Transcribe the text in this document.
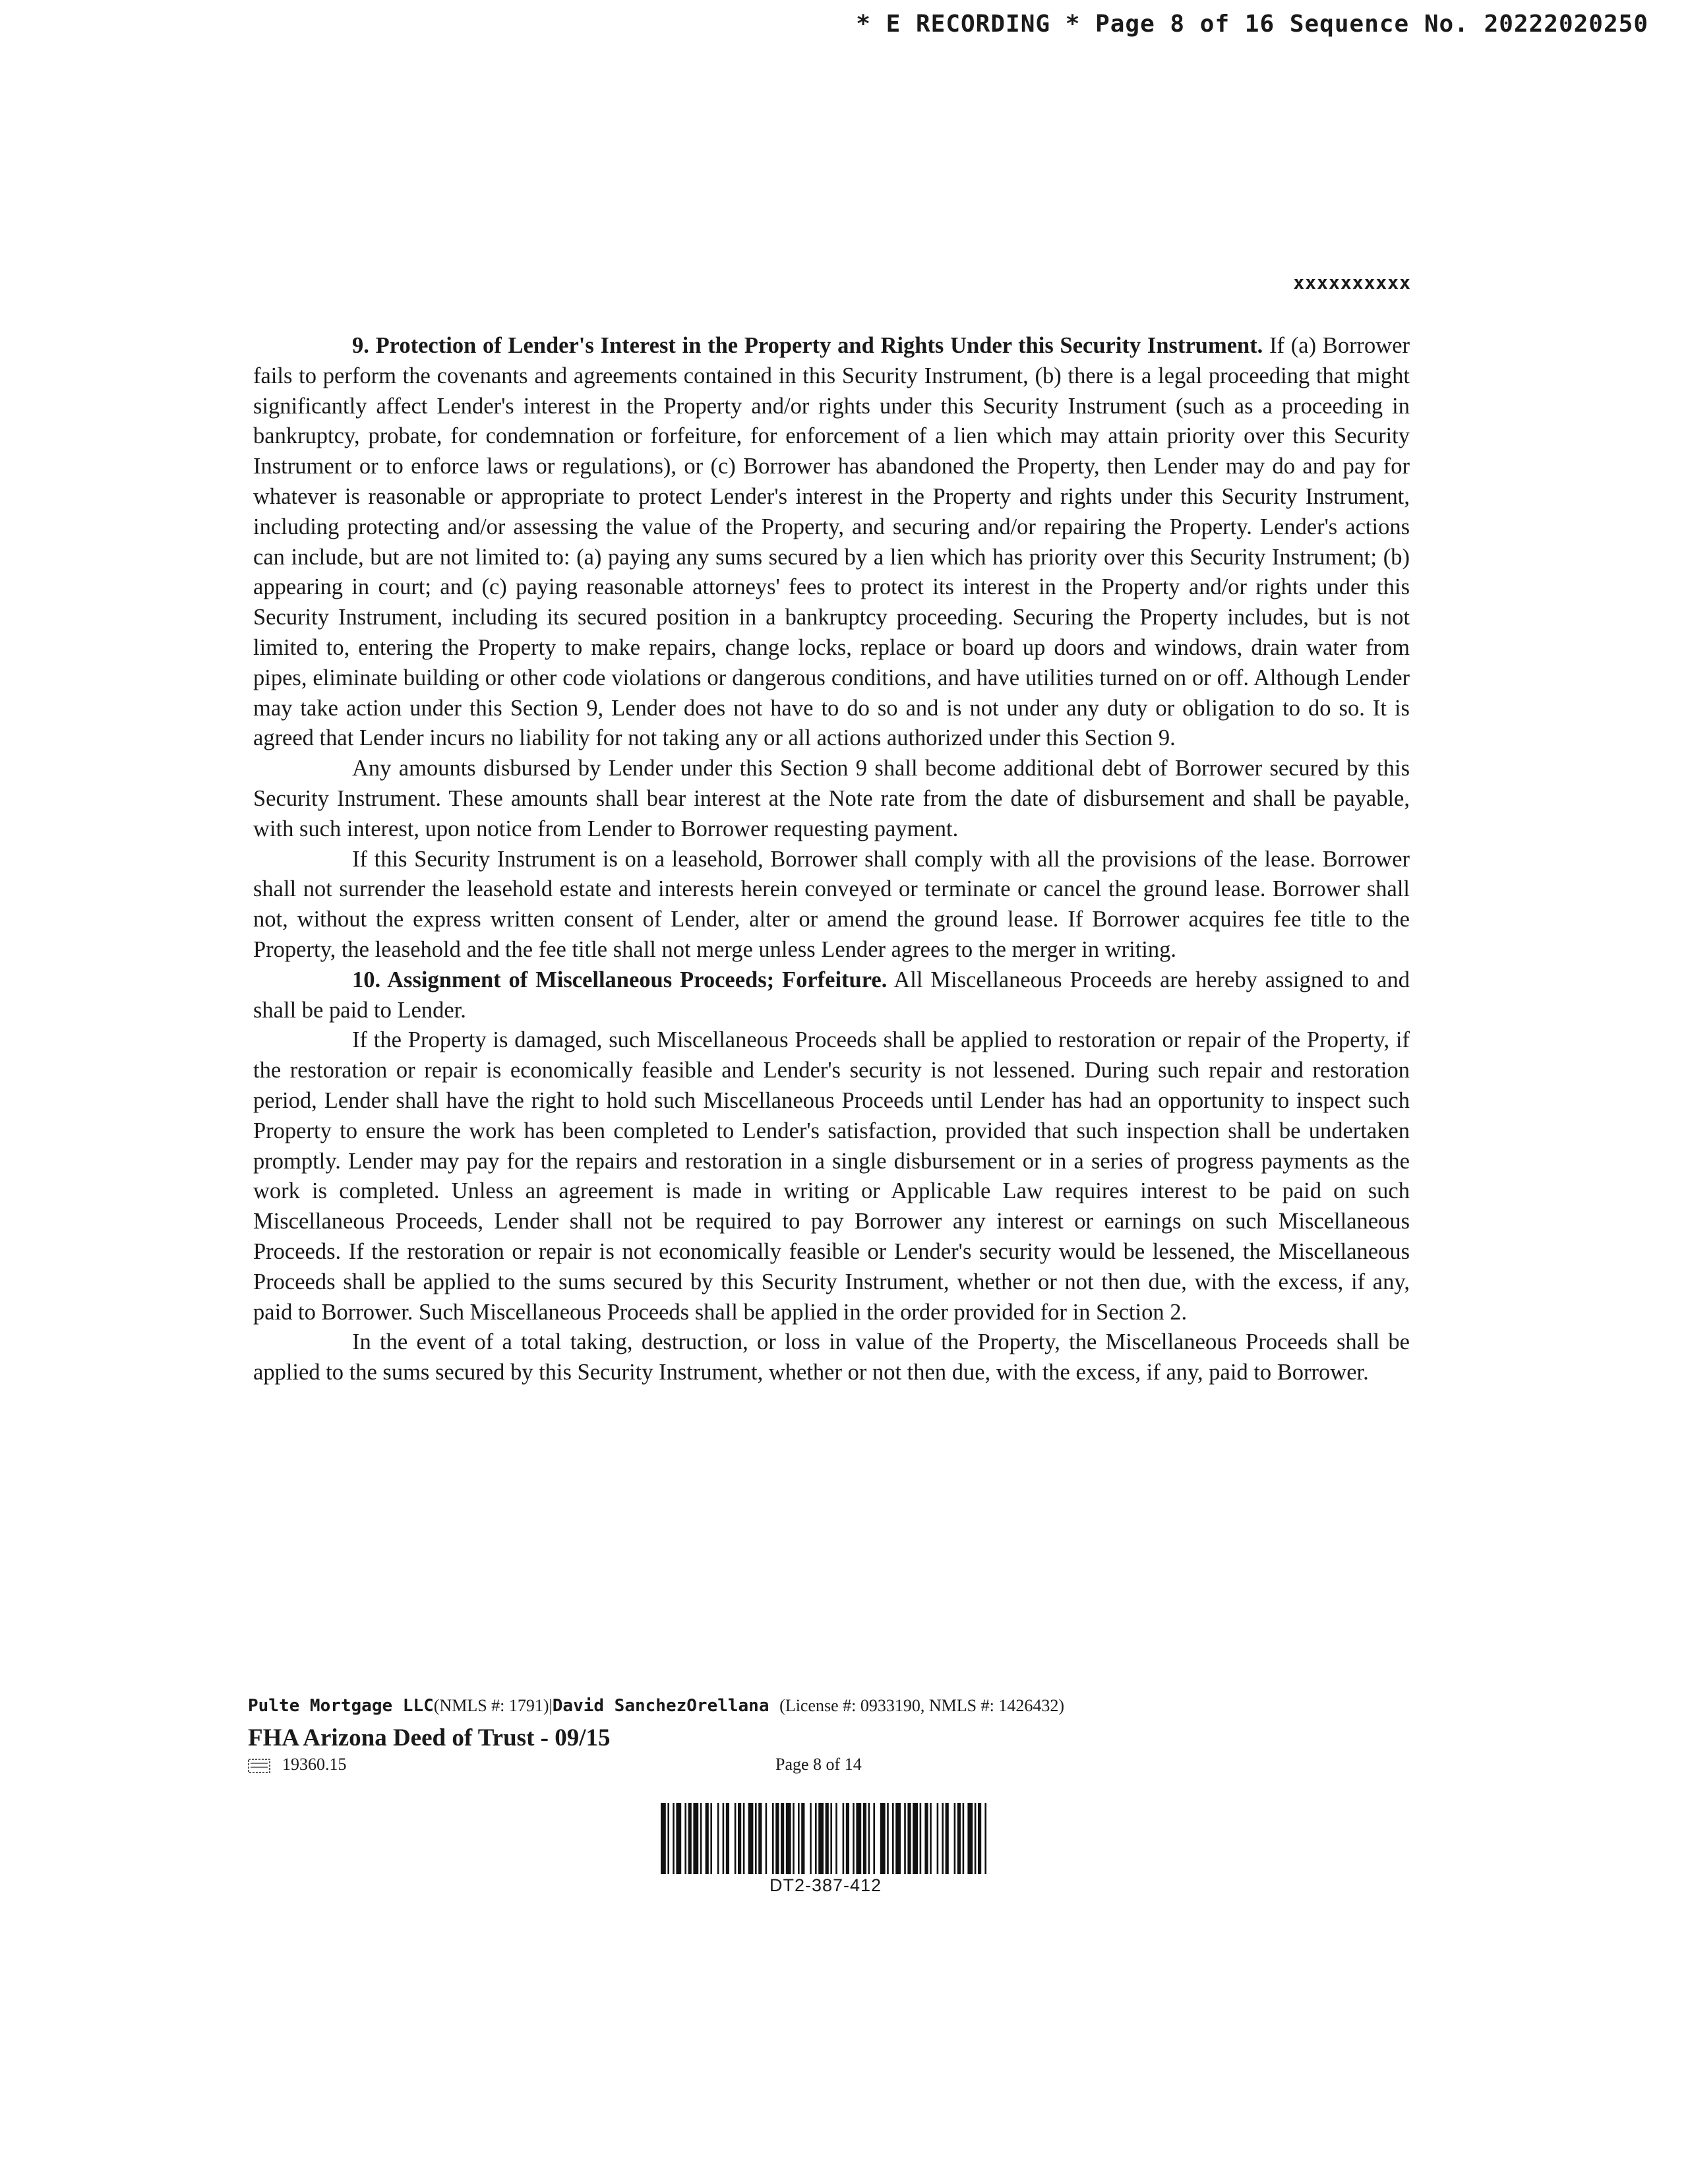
* E RECORDING * Page 8 of 16 Sequence No. 20222020250
xxxxxxxxxx

9. Protection of Lender's Interest in the Property and Rights Under this Security Instrument. If (a) Borrower fails to perform the covenants and agreements contained in this Security Instrument, (b) there is a legal proceeding that might significantly affect Lender's interest in the Property and/or rights under this Security Instrument (such as a proceeding in bankruptcy, probate, for condemnation or forfeiture, for enforcement of a lien which may attain priority over this Security Instrument or to enforce laws or regulations), or (c) Borrower has abandoned the Property, then Lender may do and pay for whatever is reasonable or appropriate to protect Lender's interest in the Property and rights under this Security Instrument, including protecting and/or assessing the value of the Property, and securing and/or repairing the Property. Lender's actions can include, but are not limited to: (a) paying any sums secured by a lien which has priority over this Security Instrument; (b) appearing in court; and (c) paying reasonable attorneys' fees to protect its interest in the Property and/or rights under this Security Instrument, including its secured position in a bankruptcy proceeding. Securing the Property includes, but is not limited to, entering the Property to make repairs, change locks, replace or board up doors and windows, drain water from pipes, eliminate building or other code violations or dangerous conditions, and have utilities turned on or off. Although Lender may take action under this Section 9, Lender does not have to do so and is not under any duty or obligation to do so. It is agreed that Lender incurs no liability for not taking any or all actions authorized under this Section 9.

Any amounts disbursed by Lender under this Section 9 shall become additional debt of Borrower secured by this Security Instrument. These amounts shall bear interest at the Note rate from the date of disbursement and shall be payable, with such interest, upon notice from Lender to Borrower requesting payment.

If this Security Instrument is on a leasehold, Borrower shall comply with all the provisions of the lease. Borrower shall not surrender the leasehold estate and interests herein conveyed or terminate or cancel the ground lease. Borrower shall not, without the express written consent of Lender, alter or amend the ground lease. If Borrower acquires fee title to the Property, the leasehold and the fee title shall not merge unless Lender agrees to the merger in writing.

10. Assignment of Miscellaneous Proceeds; Forfeiture. All Miscellaneous Proceeds are hereby assigned to and shall be paid to Lender.

If the Property is damaged, such Miscellaneous Proceeds shall be applied to restoration or repair of the Property, if the restoration or repair is economically feasible and Lender's security is not lessened. During such repair and restoration period, Lender shall have the right to hold such Miscellaneous Proceeds until Lender has had an opportunity to inspect such Property to ensure the work has been completed to Lender's satisfaction, provided that such inspection shall be undertaken promptly. Lender may pay for the repairs and restoration in a single disbursement or in a series of progress payments as the work is completed. Unless an agreement is made in writing or Applicable Law requires interest to be paid on such Miscellaneous Proceeds, Lender shall not be required to pay Borrower any interest or earnings on such Miscellaneous Proceeds. If the restoration or repair is not economically feasible or Lender's security would be lessened, the Miscellaneous Proceeds shall be applied to the sums secured by this Security Instrument, whether or not then due, with the excess, if any, paid to Borrower. Such Miscellaneous Proceeds shall be applied in the order provided for in Section 2.

In the event of a total taking, destruction, or loss in value of the Property, the Miscellaneous Proceeds shall be applied to the sums secured by this Security Instrument, whether or not then due, with the excess, if any, paid to Borrower.

Pulte Mortgage LLC(NMLS #: 1791)|David SanchezOrellana (License #: 0933190, NMLS #: 1426432)
FHA Arizona Deed of Trust - 09/15
19360.15	Page 8 of 14
DT2-387-412
